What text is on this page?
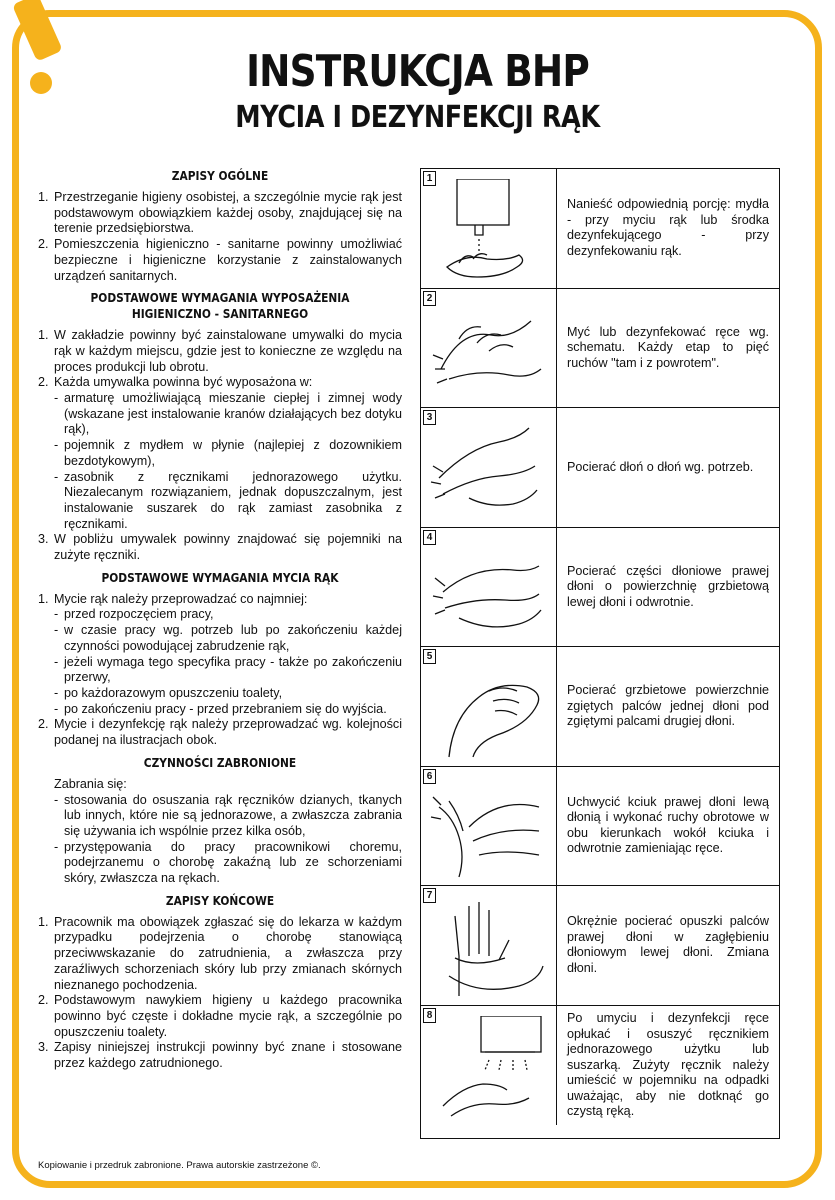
INSTRUKCJA BHP
MYCIA I DEZYNFEKCJI RĄK
ZAPISY OGÓLNE
1. Przestrzeganie higieny osobistej, a szczególnie mycie rąk jest podstawowym obowiązkiem każdej osoby, znajdującej się na terenie przedsiębiorstwa.
2. Pomieszczenia higieniczno - sanitarne powinny umożliwiać bezpieczne i higieniczne korzystanie z zainstalowanych urządzeń sanitarnych.
PODSTAWOWE WYMAGANIA WYPOSAŻENIA
HIGIENICZNO - SANITARNEGO
1. W zakładzie powinny być zainstalowane umywalki do mycia rąk w każdym miejscu, gdzie jest to konieczne ze względu na proces produkcji lub obrotu.
2. Każda umywalka powinna być wyposażona w:
- armaturę umożliwiającą mieszanie ciepłej i zimnej wody (wskazane jest instalowanie kranów działających bez dotyku rąk),
- pojemnik z mydłem w płynie (najlepiej z dozownikiem bezdotykowym),
- zasobnik z ręcznikami jednorazowego użytku. Niezalecanym rozwiązaniem, jednak dopuszczalnym, jest instalowanie suszarek do rąk zamiast zasobnika z ręcznikami.
3. W pobliżu umywalek powinny znajdować się pojemniki na zużyte ręczniki.
PODSTAWOWE WYMAGANIA MYCIA RĄK
1. Mycie rąk należy przeprowadzać co najmniej:
- przed rozpoczęciem pracy,
- w czasie pracy wg. potrzeb lub po zakończeniu każdej czynności powodującej zabrudzenie rąk,
- jeżeli wymaga tego specyfika pracy - także po zakończeniu przerwy,
- po każdorazowym opuszczeniu toalety,
- po zakończeniu pracy - przed przebraniem się do wyjścia.
2. Mycie i dezynfekcję rąk należy przeprowadzać wg. kolejności podanej na ilustracjach obok.
CZYNNOŚCI ZABRONIONE
Zabrania się:
- stosowania do osuszania rąk ręczników dzianych, tkanych lub innych, które nie są jednorazowe, a zwłaszcza zabrania się używania ich wspólnie przez kilka osób,
- przystępowania do pracy pracownikowi choremu, podejrzanemu o chorobę zakaźną lub ze schorzeniami skóry, zwłaszcza na rękach.
ZAPISY KOŃCOWE
1. Pracownik ma obowiązek zgłaszać się do lekarza w każdym przypadku podejrzenia o chorobę stanowiącą przeciwwskazanie do zatrudnienia, a zwłaszcza przy zaraźliwych schorzeniach skóry lub przy zmianach skórnych nieznanego pochodzenia.
2. Podstawowym nawykiem higieny u każdego pracownika powinno być częste i dokładne mycie rąk, a szczególnie po opuszczeniu toalety.
3. Zapisy niniejszej instrukcji powinny być znane i stosowane przez każdego zatrudnionego.
1
Nanieść odpowiednią porcję: mydła - przy myciu rąk lub środka dezynfekującego - przy dezynfekowaniu rąk.
2
Myć lub dezynfekować ręce wg. schematu. Każdy etap to pięć ruchów "tam i z powrotem".
3
Pocierać dłoń o dłoń wg. potrzeb.
4
Pocierać części dłoniowe prawej dłoni o powierzchnię grzbietową lewej dłoni i odwrotnie.
5
Pocierać grzbietowe powierzchnie zgiętych palców jednej dłoni pod zgiętymi palcami drugiej dłoni.
6
Uchwycić kciuk prawej dłoni lewą dłonią i wykonać ruchy obrotowe w obu kierunkach wokół kciuka i odwrotnie zamieniając ręce.
7
Okrężnie pocierać opuszki palców prawej dłoni w zagłębieniu dłoniowym lewej dłoni. Zmiana dłoni.
8	Po umyciu i dezynfekcji ręce opłukać i osuszyć ręcznikiem jednorazowego użytku lub suszarką. Zużyty ręcznik należy umieścić w pojemniku na odpadki uważając, aby nie dotknąć go czystą ręką.
Kopiowanie i przedruk zabronione. Prawa autorskie zastrzeżone ©.
